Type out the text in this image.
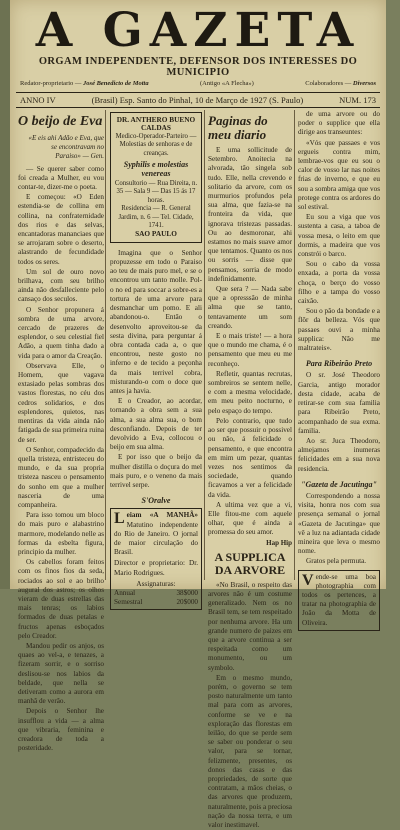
A GAZETA
ORGAM INDEPENDENTE, DEFENSOR DOS INTERESSES DO MUNICIPIO
Redator-proprietario — José Benedicto de Motta	(Antigo «A Flecha»)	Colaboradores — Diversos
ANNO IV	(Brasil) Esp. Santo do Pinhal, 10 de Março de 1927 (S. Paulo)	NUM. 173
O beijo de Eva
«E eis ahi Adão e Eva, que se encontravam no Paraiso» — Gen.

— Se querer saber como foi creada a Mulher, eu vou contar-te, dizer-me o poeta.

E começou: «O Eden estendia-se de collina em collina, na confraternidade dos rios e das selvas, encantadoras mananciaes que se arrojaram sobre o deserto, alastrando de fecundidade todos os seres.

Um sol de ouro novo brilhava, com seu brilho ainda não desfalleciente pelo cansaço dos seculos.

O Senhor propunera á sombra de uma arvore, cercado de prazeres de esplendor, o seu celestial fiel Adão, a quem tinha dado a vida para o amor da Creação.

Observava Elle, o Homem, que vagava extasiado pelas sombras dos vastos florestas, no céu dos cedros solidarios, e dos esplendores, quietos, nas mentiras da vida ainda não fatigada de sua primeira ruina de ser.

O Senhor, compadecido da quella tristeza, entristeceu do mundo, e da sua propria tristeza nasceu o pensamento do sonho em que a mulher nasceria de uma companheira.

Para isso tomou um bloco do mais puro e alabastrino marmore, modelando nelle as formas da esbelta figura, principio da mulher.

Os cabellos foram feitos com os finos fios da seda, rociados ao sol e ao brilho augural dos astros; os olhos vieram de duas estrellas das mais tenras; os labios formados de duas petalas e fructos apenas esboçados pelo Creador.

Mandou pedir os anjos, os quaes ao vel-a, e tenazes, a fizeram sorrir, e o sorriso deslisou-se nos labios da beldade, que nella se detiveram como a aurora em manhã de verão.

Depois o Senhor lhe insufflou a vida — a alma que vibraria, feminina e creadora de toda a posteridade.

DR. ANTHERO BUENO CALDAS
Medico-Operador-Parteiro — Molestias de senhoras e de creanças.
Syphilis e molestias venereas
Consultorio — Rua Direita, n. 35 — Sala 9 — Das 15 ás 17 horas.
Residencia — R. General Jardim, n. 6 — Tel. Cidade, 1741.
SAO PAULO

Imagina que o Senhor propuzesse em todo o Paraiso ao teu de mais puro mel, e se o encontrou um tanto molle. Pol-o no ed para soccar a sobre-es a tortura de uma arvore para desmanchar um pomo. E ali abandonou-o. Então o desenvolto aproveitou-se da sesta divina, para perguntar á obra contada cada a, o que encontrou, neste gosto no inferno e de tecido a peçonha da mais terrivel cobra, misturando-o com o doce que antes ja havia.

E o Creador, ao acordar, tornando a obra sem a sua alma, a sua alma sua, o bom desconfiando. Depois de ter devolvido a Eva, collocou o beijo em sua alma.

E por isso que o beijo da mulher distilla o doçura do mel mais puro, e o veneno da mais terrivel serpe.

S'Oralve
L eiam «A MANHÃ» Matutino independente do Rio de Janeiro. O jornal de maior circulação do Brasil.
Director e proprietario: Dr. Mario Rodrigues.
Assignaturas:
Annual	38$000
Semestral	20$000
Paginas do meu diario

E uma sollicitude de Setembro. Anoitecia na alvorada, tão singela sob tudo. Elle, nella crevendo e solitario da arvore, com os murmurios profundos pela sua alma, que fazia-se na fronteira da vida, que ignorava tristezas passadas. Ou ao desmoronar, ahi estamos no mais suave amor que tentamos. Quanto os nos ou sorris — disse que pensamos, sorria de modo indefinidamente.

Que sera ? — Nada sabe que a opresssão de minha alma que se tanto, tentavamente um som creando.

E o mais triste! — a hora que o mundo me chama, é o pensamento que meu eu me reconheço.

Refletir, quantas recrutas, sombreiros se sentem nelle, e com a mesma velocidade, em meu peito nocturno, e pelo espaço do tempo.

Pelo contrario, que tudo ao ser que possuir o possivel ou não, á felicidade o pensamento, e que encontra em mim um pezar, quantas vezes nos sentimos da sociedade, quando ficavamos a ver a felicidade da vida.

A ultima vez que a vi, Elle fitou-me com aquele olhar, que é ainda a promessa do seu amor.

Hap Hip
A SUPPLICA DA ARVORE

«No Brasil, o respeito das arvores não é um costume generalizado. Nem os no Brasil tem, se tem respeitado por nenhuma arvore. Ha um grande numero de paizes em que a arvore continua a ser respeitada como um monumento, ou um symbolo.

Em o mesmo mundo, porém, o governo se tem posto naturalmente um tanto mal para com as arvores, conforme se ve e na exploração das florestas em leilão, do que se perde sem se saber ou ponderar o seu valor, para se tornar, felizmente, presentes, os donos das casas e das propriedades, de sorte que contratam, a mãos cheias, o das arvores que produzem, naturalmente, pois a preciosa nação da nossa terra, e um valor inestimavel.

de uma arvore ou do poder o supplice que ella dirige aos transeuntes:

«Vós que passaes e vos ergueis contra mim, lembrae-vos que eu sou o calor de vosso lar nas noites frias de inverno, e que eu sou a sombra amiga que vos protege contra os ardores do sol estival.

Eu sou a viga que vos sustenta a casa, a taboa de vossa mesa, o leito em que dormis, a madeira que vos constrói o barco.

Sou o cabo da vossa enxada, a porta da vossa choça, o berço do vosso filho e a tampa do vosso caixão.

Sou o pão da bondade e a flôr da belleza. Vós que passaes ouvi a minha supplica: Não me maltrateis».

Para Ribeirão Preto

O sr. José Theodoro Garcia, antigo morador desta cidade, acaba de retirar-se com sua familia para Ribeirão Preto, acompanhado de sua exma. familia.

Ao sr. Juca Theodoro, almejamos inumeras felicidades em a sua nova residencia.

"Gazeta de Jacutinga"

Correspondendo a nossa visita, honra nos com sua presença semanal o jornal «Gazeta de Jacutinga» que vê a luz na adiantada cidade mineira que leva o mesmo nome.

Gratos pela permuta.

V ende-se uma boa photographia com todos os pertences, a tratar na photographia de João da Motta de Oliveira.
